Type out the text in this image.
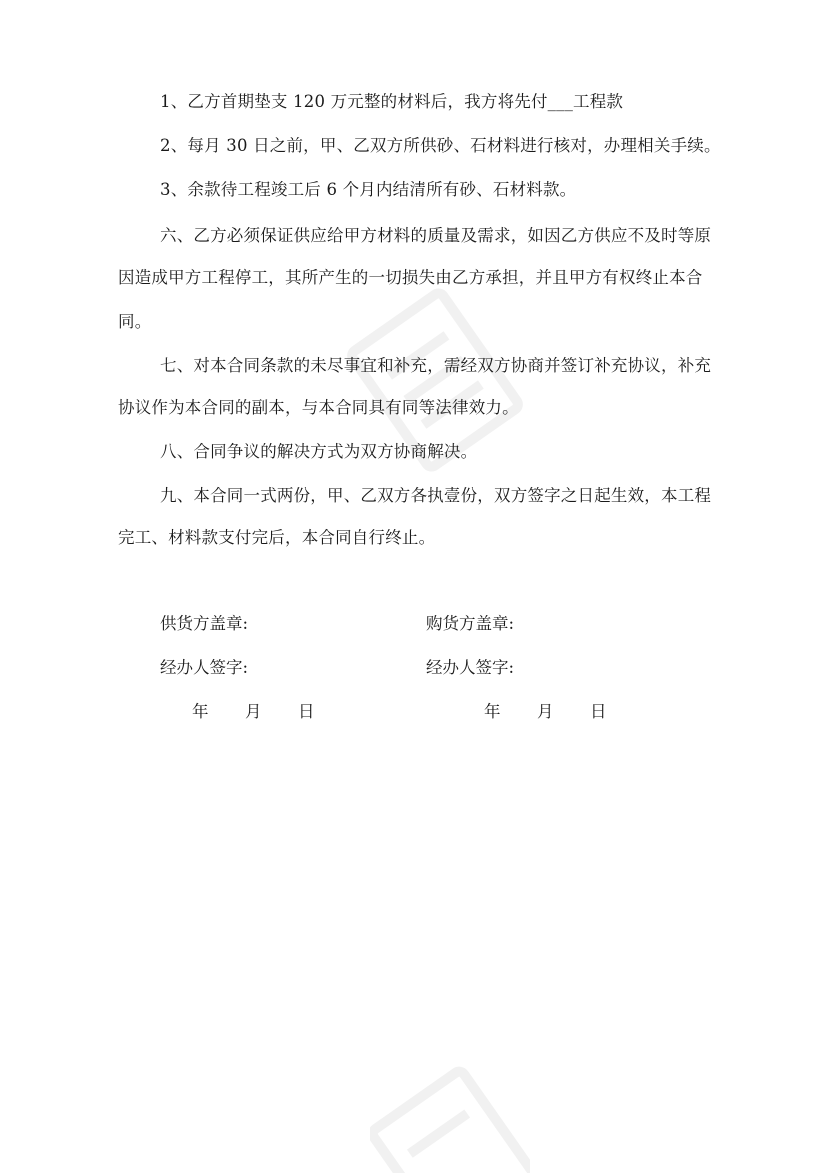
1、乙方首期垫支 120 万元整的材料后，我方将先付___工程款
2、每月 30 日之前，甲、乙双方所供砂、石材料进行核对，办理相关手续。
3、余款待工程竣工后 6 个月内结清所有砂、石材料款。
六、乙方必须保证供应给甲方材料的质量及需求，如因乙方供应不及时等原
因造成甲方工程停工，其所产生的一切损失由乙方承担，并且甲方有权终止本合
同。
七、对本合同条款的未尽事宜和补充，需经双方协商并签订补充协议，补充
协议作为本合同的副本，与本合同具有同等法律效力。
八、合同争议的解决方式为双方协商解决。
九、本合同一式两份，甲、乙双方各执壹份，双方签字之日起生效，本工程
完工、材料款支付完后，本合同自行终止。
供货方盖章:	购货方盖章:
经办人签字:	经办人签字:
年 月 日	年 月 日
